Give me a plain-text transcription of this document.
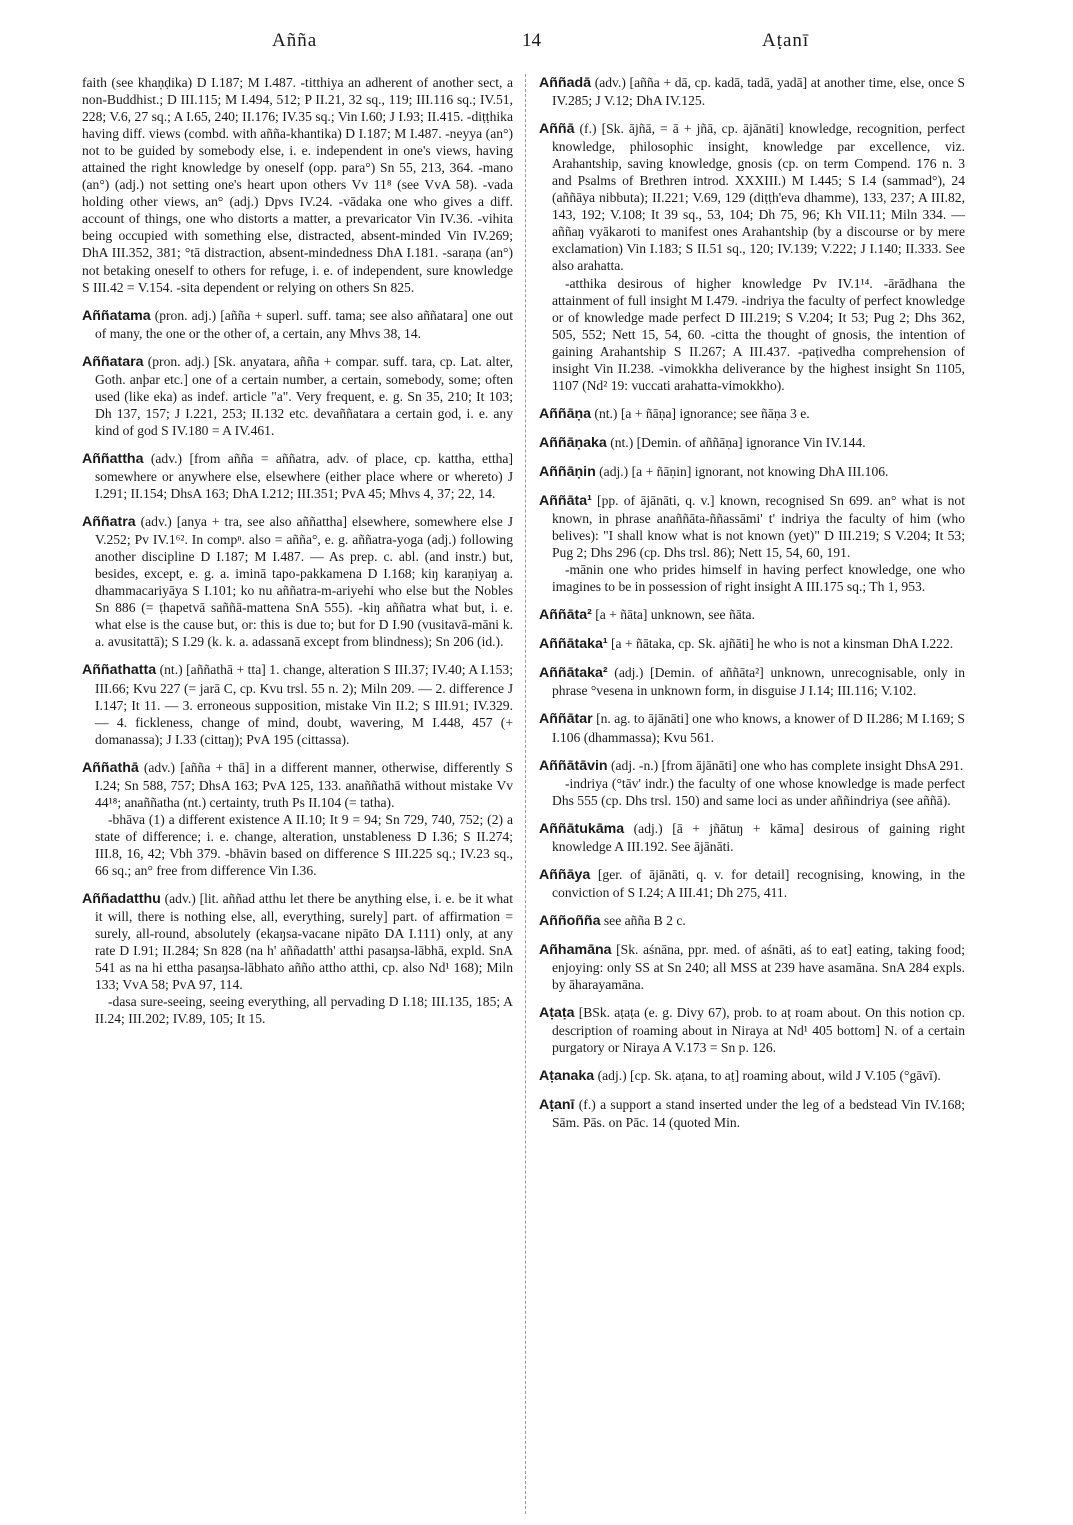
Añña	14	Aṭanī
faith (see khaṇḍika) D I.187; M I.487. -titthiya an adherent of another sect, a non-Buddhist.; D III.115; M I.494, 512; P II.21, 32 sq., 119; III.116 sq.; IV.51, 228; V.6, 27 sq.; A I.65, 240; II.176; IV.35 sq.; Vin I.60; J I.93; II.415. -diṭṭhika having diff. views (combd. with añña-khantika) D I.187; M I.487. -neyya (an°) not to be guided by somebody else, i. e. independent in one's views, having attained the right knowledge by oneself (opp. para°) Sn 55, 213, 364. -mano (an°) (adj.) not setting one's heart upon others Vv 11⁸ (see VvA 58). -vada holding other views, an° (adj.) Dpvs IV.24. -vādaka one who gives a diff. account of things, one who distorts a matter, a prevaricator Vin IV.36. -vihita being occupied with something else, distracted, absent-minded Vin IV.269; DhA III.352, 381; °tā distraction, absent-mindedness DhA I.181. -saraṇa (an°) not betaking oneself to others for refuge, i. e. of independent, sure knowledge S III.42 = V.154. -sita dependent or relying on others Sn 825.
Aññatama (pron. adj.) [añña + superl. suff. tama; see also aññatara] one out of many, the one or the other of, a certain, any Mhvs 38, 14.
Aññatara (pron. adj.) [Sk. anyatara, añña + compar. suff. tara, cp. Lat. alter, Goth. anþar etc.] one of a certain number, a certain, somebody, some; often used (like eka) as indef. article "a". Very frequent, e. g. Sn 35, 210; It 103; Dh 137, 157; J I.221, 253; II.132 etc. devaññatara a certain god, i. e. any kind of god S IV.180 = A IV.461.
Aññattha (adv.) [from añña = aññatra, adv. of place, cp. kattha, ettha] somewhere or anywhere else, elsewhere (either place where or whereto) J I.291; II.154; DhsA 163; DhA I.212; III.351; PvA 45; Mhvs 4, 37; 22, 14.
Aññatra (adv.) [anya + tra, see also aññattha] elsewhere, somewhere else J V.252; Pv IV.1⁶². In compⁿ. also = añña°, e. g. aññatra-yoga (adj.) following another discipline D I.187; M I.487. — As prep. c. abl. (and instr.) but, besides, except, e. g. a. iminā tapo-pakkamena D I.168; kiŋ karaṇiyaŋ a. dhammacariyāya S I.101; ko nu aññatra-m-ariyehi who else but the Nobles Sn 886 (= ṭhapetvā saññā-mattena SnA 555). -kiŋ aññatra what but, i. e. what else is the cause but, or: this is due to; but for D I.90 (vusitavā-māni k. a. avusitattā); S I.29 (k. k. a. adassanā except from blindness); Sn 206 (id.).
Aññathatta (nt.) [aññathā + tta] 1. change, alteration S III.37; IV.40; A I.153; III.66; Kvu 227 (= jarā C, cp. Kvu trsl. 55 n. 2); Miln 209. — 2. difference J I.147; It 11. — 3. erroneous supposition, mistake Vin II.2; S III.91; IV.329. — 4. fickleness, change of mind, doubt, wavering, M I.448, 457 (+ domanassa); J I.33 (cittaŋ); PvA 195 (cittassa).
Aññathā (adv.) [añña + thā] in a different manner, otherwise, differently S I.24; Sn 588, 757; DhsA 163; PvA 125, 133. anaññathā without mistake Vv 44¹⁸; anaññatha (nt.) certainty, truth Ps II.104 (= tatha).
-bhāva (1) a different existence A II.10; It 9 = 94; Sn 729, 740, 752; (2) a state of difference; i. e. change, alteration, unstableness D I.36; S II.274; III.8, 16, 42; Vbh 379. -bhāvin based on difference S III.225 sq.; IV.23 sq., 66 sq.; an° free from difference Vin I.36.
Aññadatthu (adv.) [lit. aññad atthu let there be anything else, i. e. be it what it will, there is nothing else, all, everything, surely] part. of affirmation = surely, all-round, absolutely (ekaŋsa-vacane nipāto DA I.111) only, at any rate D I.91; II.284; Sn 828 (na h' aññadatth' atthi pasaŋsa-lābhā, expld. SnA 541 as na hi ettha pasaŋsa-lābhato añño attho atthi, cp. also Nd¹ 168); Miln 133; VvA 58; PvA 97, 114.
-dasa sure-seeing, seeing everything, all pervading D I.18; III.135, 185; A II.24; III.202; IV.89, 105; It 15.
Aññadā (adv.) [añña + dā, cp. kadā, tadā, yadā] at another time, else, once S IV.285; J V.12; DhA IV.125.
Aññā (f.) [Sk. ājñā, = ā + jñā, cp. ājānāti] knowledge, recognition, perfect knowledge, philosophic insight, knowledge par excellence, viz. Arahantship, saving knowledge, gnosis (cp. on term Compend. 176 n. 3 and Psalms of Brethren introd. XXXIII.) M I.445; S I.4 (sammad°), 24 (aññāya nibbuta); II.221; V.69, 129 (diṭṭh'eva dhamme), 133, 237; A III.82, 143, 192; V.108; It 39 sq., 53, 104; Dh 75, 96; Kh VII.11; Miln 334. — aññaŋ vyākaroti to manifest ones Arahantship (by a discourse or by mere exclamation) Vin I.183; S II.51 sq., 120; IV.139; V.222; J I.140; II.333. See also arahatta.
-atthika desirous of higher knowledge Pv IV.1¹⁴. -ārādhana the attainment of full insight M I.479. -indriya the faculty of perfect knowledge or of knowledge made perfect D III.219; S V.204; It 53; Pug 2; Dhs 362, 505, 552; Nett 15, 54, 60. -citta the thought of gnosis, the intention of gaining Arahantship S II.267; A III.437. -paṭivedha comprehension of insight Vin II.238. -vimokkha deliverance by the highest insight Sn 1105, 1107 (Nd² 19: vuccati arahatta-vimokkho).
Aññāṇa (nt.) [a + ñāṇa] ignorance; see ñāṇa 3 e.
Aññāṇaka (nt.) [Demin. of aññāṇa] ignorance Vin IV.144.
Aññāṇin (adj.) [a + ñāṇin] ignorant, not knowing DhA III.106.
Aññāta¹ [pp. of ājānāti, q. v.] known, recognised Sn 699. an° what is not known, in phrase anaññāta-ññassāmi' t' indriya the faculty of him (who belives): "I shall know what is not known (yet)" D III.219; S V.204; It 53; Pug 2; Dhs 296 (cp. Dhs trsl. 86); Nett 15, 54, 60, 191.
-mānin one who prides himself in having perfect knowledge, one who imagines to be in possession of right insight A III.175 sq.; Th 1, 953.
Aññāta² [a + ñāta] unknown, see ñāta.
Aññātaka¹ [a + ñātaka, cp. Sk. ajñāti] he who is not a kinsman DhA I.222.
Aññātaka² (adj.) [Demin. of aññāta²] unknown, unrecognisable, only in phrase °vesena in unknown form, in disguise J I.14; III.116; V.102.
Aññātar [n. ag. to ājānāti] one who knows, a knower of D II.286; M I.169; S I.106 (dhammassa); Kvu 561.
Aññātāvin (adj. -n.) [from ājānāti] one who has complete insight DhsA 291.
-indriya (°tāv' indr.) the faculty of one whose knowledge is made perfect Dhs 555 (cp. Dhs trsl. 150) and same loci as under aññindriya (see aññā).
Aññātukāma (adj.) [ā + jñātuŋ + kāma] desirous of gaining right knowledge A III.192. See ājānāti.
Aññāya [ger. of ājānāti, q. v. for detail] recognising, knowing, in the conviction of S I.24; A III.41; Dh 275, 411.
Aññoñña see añña B 2 c.
Añhamāna [Sk. aśnāna, ppr. med. of aśnāti, aś to eat] eating, taking food; enjoying: only SS at Sn 240; all MSS at 239 have asamāna. SnA 284 expls. by āharayamāna.
Aṭaṭa [BSk. aṭaṭa (e. g. Divy 67), prob. to aṭ roam about. On this notion cp. description of roaming about in Niraya at Nd¹ 405 bottom] N. of a certain purgatory or Niraya A V.173 = Sn p. 126.
Aṭanaka (adj.) [cp. Sk. aṭana, to aṭ] roaming about, wild J V.105 (°gāvī).
Aṭanī (f.) a support a stand inserted under the leg of a bedstead Vin IV.168; Sām. Pās. on Pāc. 14 (quoted Min.
